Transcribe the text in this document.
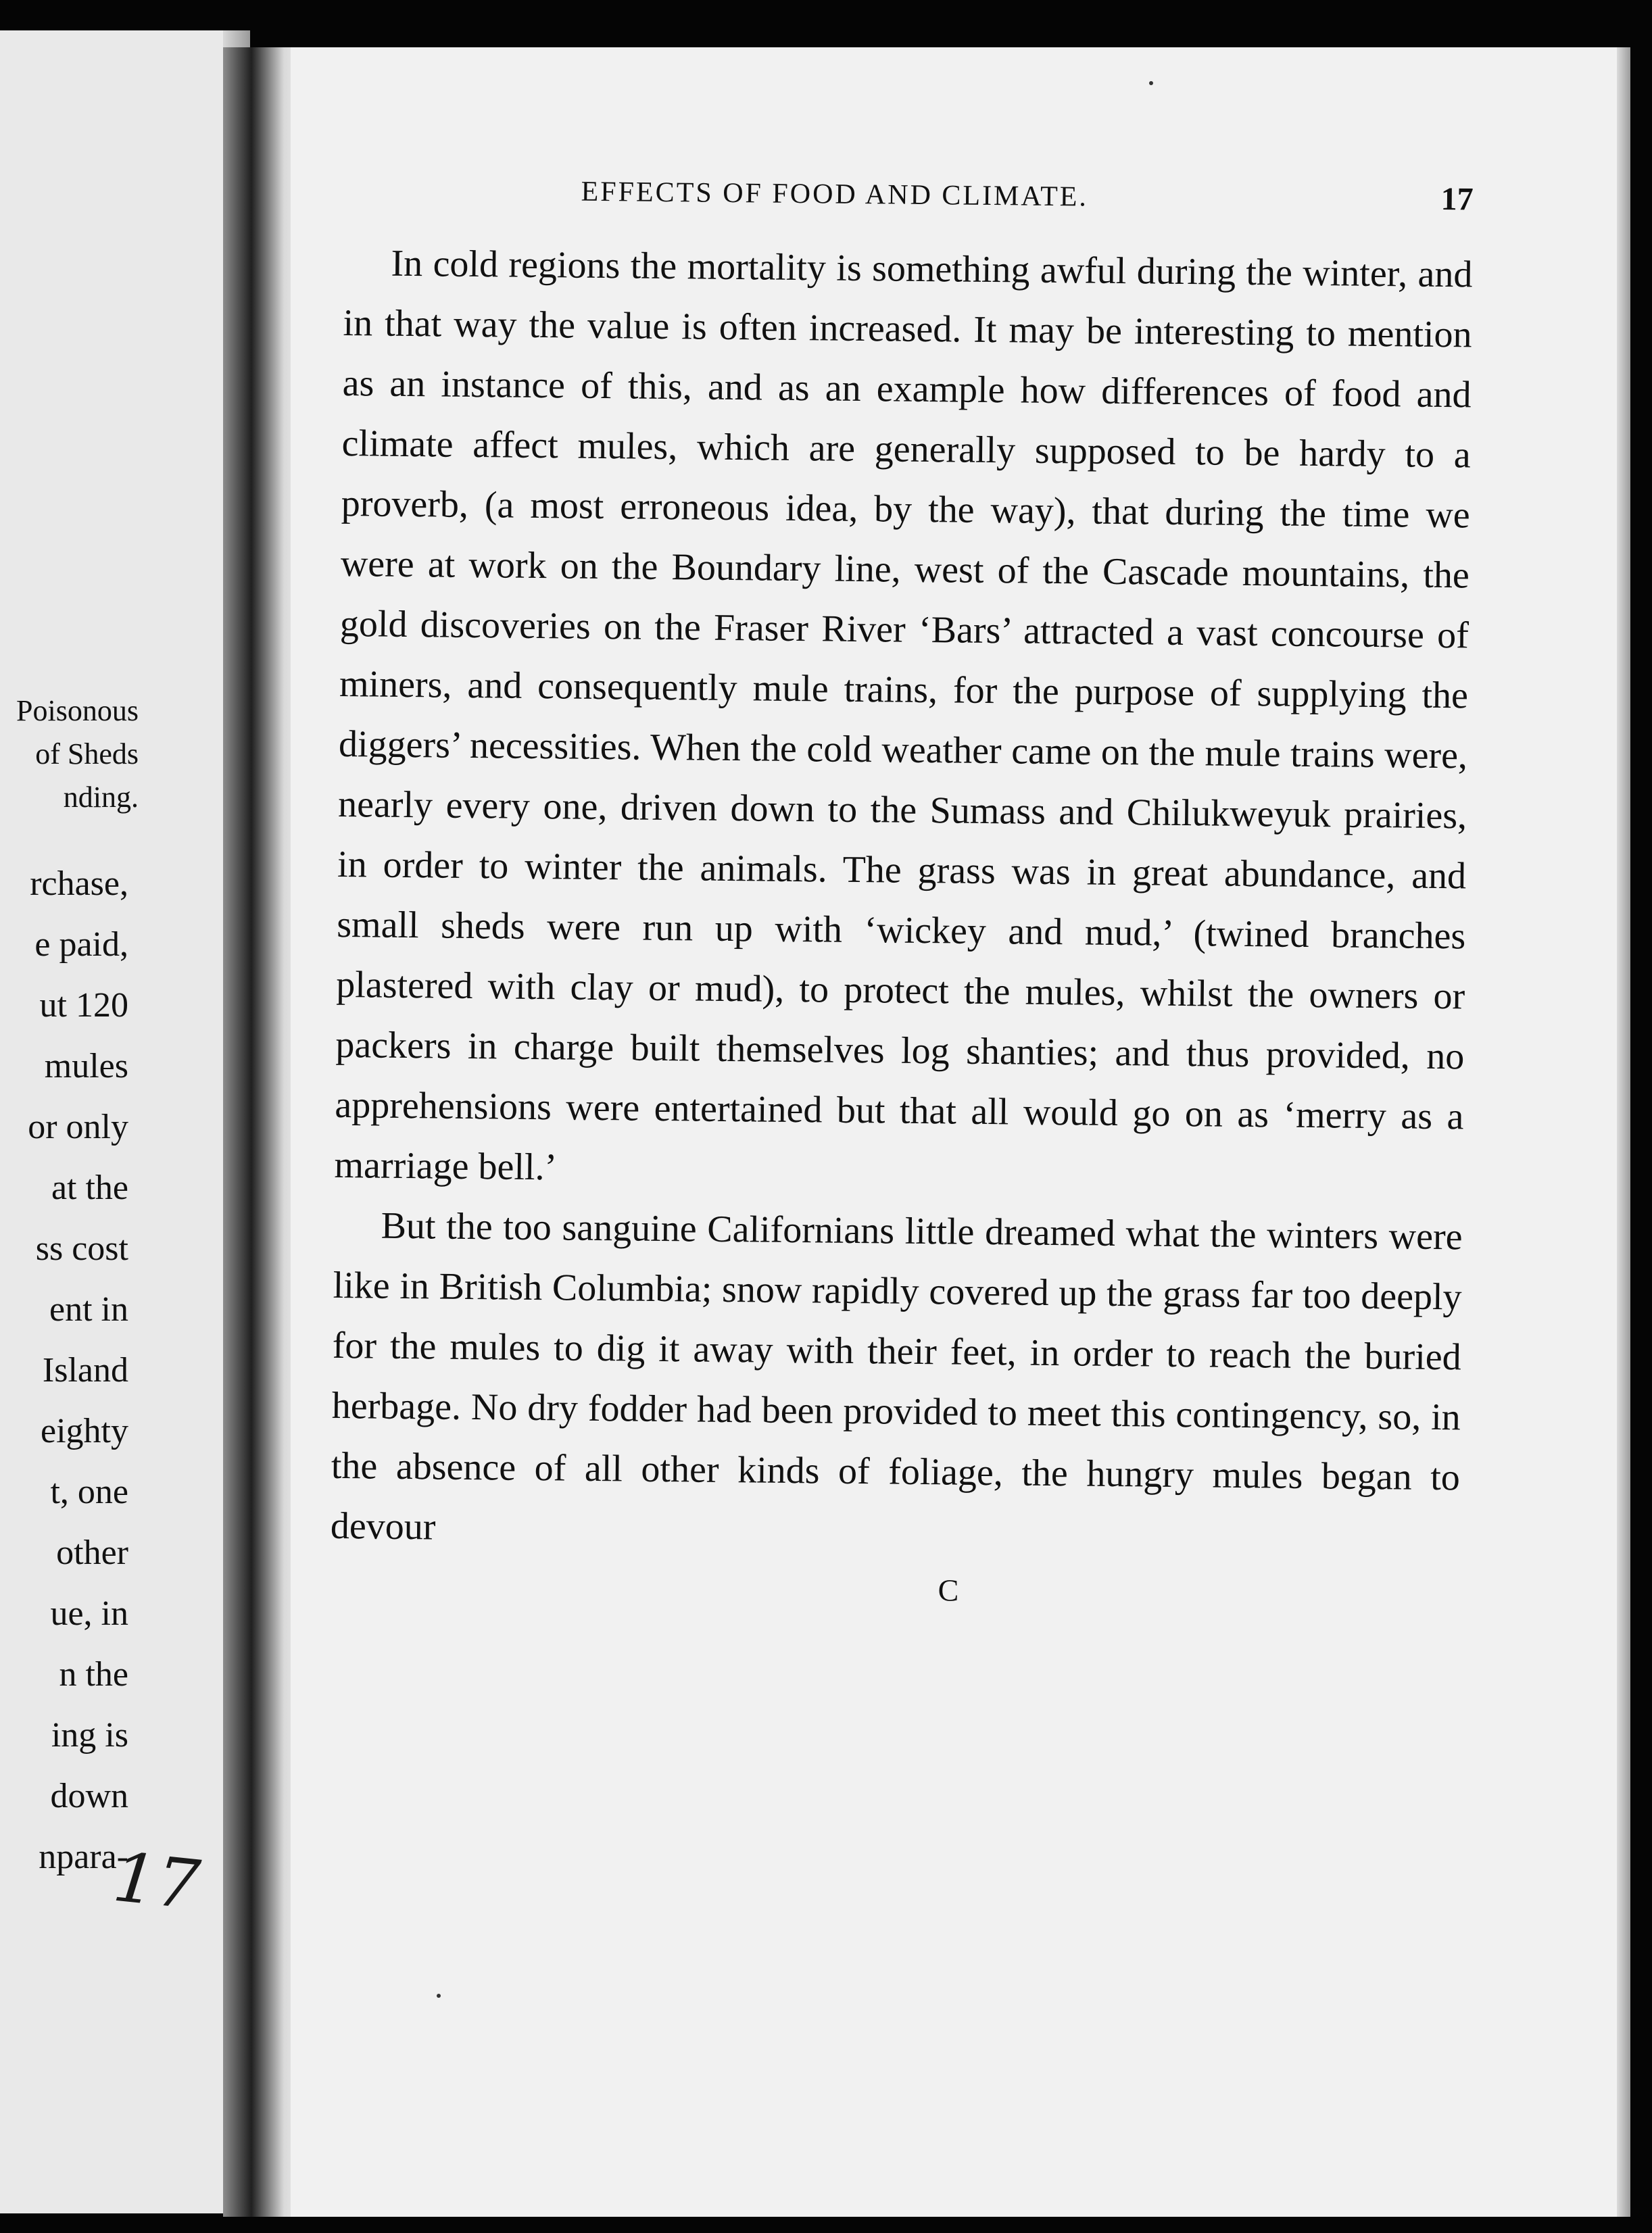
Poisonous
of Sheds
nding.
rchase,
e paid,
ut 120
mules
or only
at the
ss cost
ent in
Island
eighty
t, one
other
ue, in
n the
ing is
down
npara-
17
EFFECTS OF FOOD AND CLIMATE.	17

In cold regions the mortality is something awful during the winter, and in that way the value is often increased. It may be interesting to mention as an instance of this, and as an example how differences of food and climate affect mules, which are generally supposed to be hardy to a proverb, (a most erroneous idea, by the way), that during the time we were at work on the Boundary line, west of the Cascade mountains, the gold discoveries on the Fraser River ‘Bars’ attracted a vast concourse of miners, and consequently mule trains, for the purpose of supplying the diggers’ necessities. When the cold weather came on the mule trains were, nearly every one, driven down to the Sumass and Chilukweyuk prairies, in order to winter the animals. The grass was in great abundance, and small sheds were run up with ‘wickey and mud,’ (twined branches plastered with clay or mud), to protect the mules, whilst the owners or packers in charge built themselves log shanties; and thus provided, no apprehensions were entertained but that all would go on as ‘merry as a marriage bell.’

But the too sanguine Californians little dreamed what the winters were like in British Columbia; snow rapidly covered up the grass far too deeply for the mules to dig it away with their feet, in order to reach the buried herbage. No dry fodder had been provided to meet this contingency, so, in the absence of all other kinds of foliage, the hungry mules began to devour

C
